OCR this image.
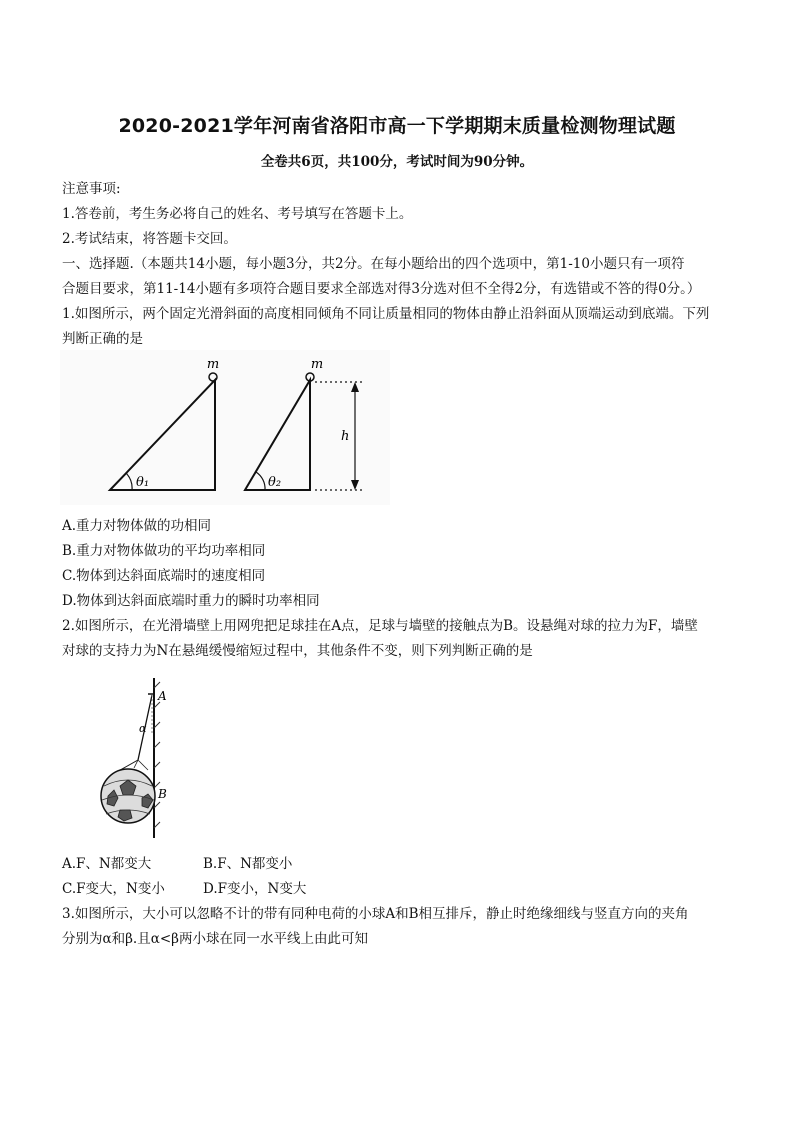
2020-2021学年河南省洛阳市高一下学期期末质量检测物理试题
全卷共6页，共100分，考试时间为90分钟。
注意事项:
1.答卷前，考生务必将自己的姓名、考号填写在答题卡上。
2.考试结束，将答题卡交回。
一、选择题.（本题共14小题，每小题3分，共2分。在每小题给出的四个选项中，第1-10小题只有一项符
合题目要求，第11-14小题有多项符合题目要求全部选对得3分选对但不全得2分，有选错或不答的得0分。）
1.如图所示，两个固定光滑斜面的高度相同倾角不同让质量相同的物体由静止沿斜面从顶端运动到底端。下列
判断正确的是
m	m
θ₁	θ₂
h
A.重力对物体做的功相同
B.重力对物体做功的平均功率相同
C.物体到达斜面底端时的速度相同
D.物体到达斜面底端时重力的瞬时功率相同
2.如图所示，在光滑墙壁上用网兜把足球挂在A点，足球与墙壁的接触点为B。设悬绳对球的拉力为F，墙壁
对球的支持力为N在悬绳缓慢缩短过程中，其他条件不变，则下列判断正确的是
A
B
α
A.F、N都变大	B.F、N都变小
C.F变大，N变小	D.F变小，N变大
3.如图所示，大小可以忽略不计的带有同种电荷的小球A和B相互排斥，静止时绝缘细线与竖直方向的夹角
分别为α和β.且α<β两小球在同一水平线上由此可知
